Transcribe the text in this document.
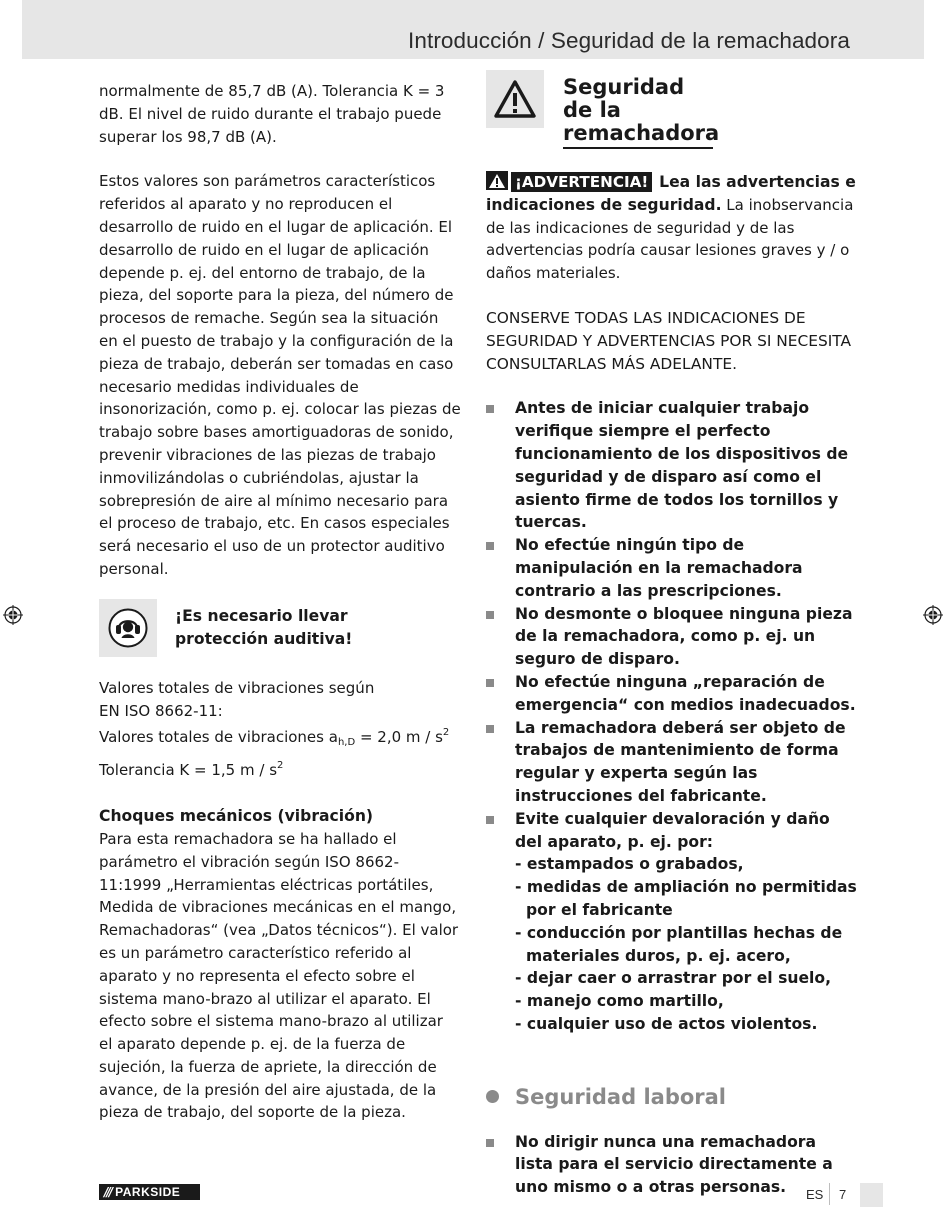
Introducción / Seguridad de la remachadora

normalmente de 85,7 dB (A). Tolerancia K = 3 dB. El nivel de ruido durante el trabajo puede superar los 98,7 dB (A).

Estos valores son parámetros característicos referidos al aparato y no reproducen el desarrollo de ruido en el lugar de aplicación. El desarrollo de ruido en el lugar de aplicación depende p. ej. del entorno de trabajo, de la pieza, del soporte para la pieza, del número de procesos de remache. Según sea la situación en el puesto de trabajo y la configuración de la pieza de trabajo, deberán ser tomadas en caso necesario medidas individuales de insonorización, como p. ej. colocar las piezas de trabajo sobre bases amortiguadoras de sonido, prevenir vibraciones de las piezas de trabajo inmovilizándolas o cubriéndolas, ajustar la sobrepresión de aire al mínimo necesario para el proceso de trabajo, etc. En casos especiales será necesario el uso de un protector auditivo personal.

¡Es necesario llevar protección auditiva!
Valores totales de vibraciones según
EN ISO 8662-11:
Valores totales de vibraciones $a_{h,D} = 2,0$ m / $s^2$
Tolerancia K = 1,5 m / $s^2$
Choques mecánicos (vibración)

Para esta remachadora se ha hallado el parámetro el vibración según ISO 8662-11:1999 „Herramientas eléctricas portátiles, Medida de vibraciones mecánicas en el mango, Remachadoras“ (vea „Datos técnicos“). El valor es un parámetro característico referido al aparato y no representa el efecto sobre el sistema mano-brazo al utilizar el aparato. El efecto sobre el sistema mano-brazo al utilizar el aparato depende p. ej. de la fuerza de sujeción, la fuerza de apriete, la dirección de avance, de la presión del aire ajustada, de la pieza de trabajo, del soporte de la pieza.

Seguridad de la remachadora

¡ADVERTENCIA! Lea las advertencias e indicaciones de seguridad. La inobservancia de las indicaciones de seguridad y de las advertencias podría causar lesiones graves y / o daños materiales.

CONSERVE TODAS LAS INDICACIONES DE SEGURIDAD Y ADVERTENCIAS POR SI NECESITA CONSULTARLAS MÁS ADELANTE.

Antes de iniciar cualquier trabajo verifique siempre el perfecto funcionamiento de los dispositivos de seguridad y de disparo así como el asiento firme de todos los tornillos y tuercas.
No efectúe ningún tipo de manipulación en la remachadora contrario a las prescripciones.
No desmonte o bloquee ninguna pieza de la remachadora, como p. ej. un seguro de disparo.
No efectúe ninguna „reparación de emergencia“ con medios inadecuados.
La remachadora deberá ser objeto de trabajos de mantenimiento de forma regular y experta según las instrucciones del fabricante.
Evite cualquier devaloración y daño del aparato, p. ej. por:
- estampados o grabados,
- medidas de ampliación no permitidas por el fabricante
- conducción por plantillas hechas de materiales duros, p. ej. acero,
- dejar caer o arrastrar por el suelo,
- manejo como martillo,
- cualquier uso de actos violentos.
Seguridad laboral
No dirigir nunca una remachadora lista para el servicio directamente a uno mismo o a otras personas.
/// PARKSIDE	ES 7
